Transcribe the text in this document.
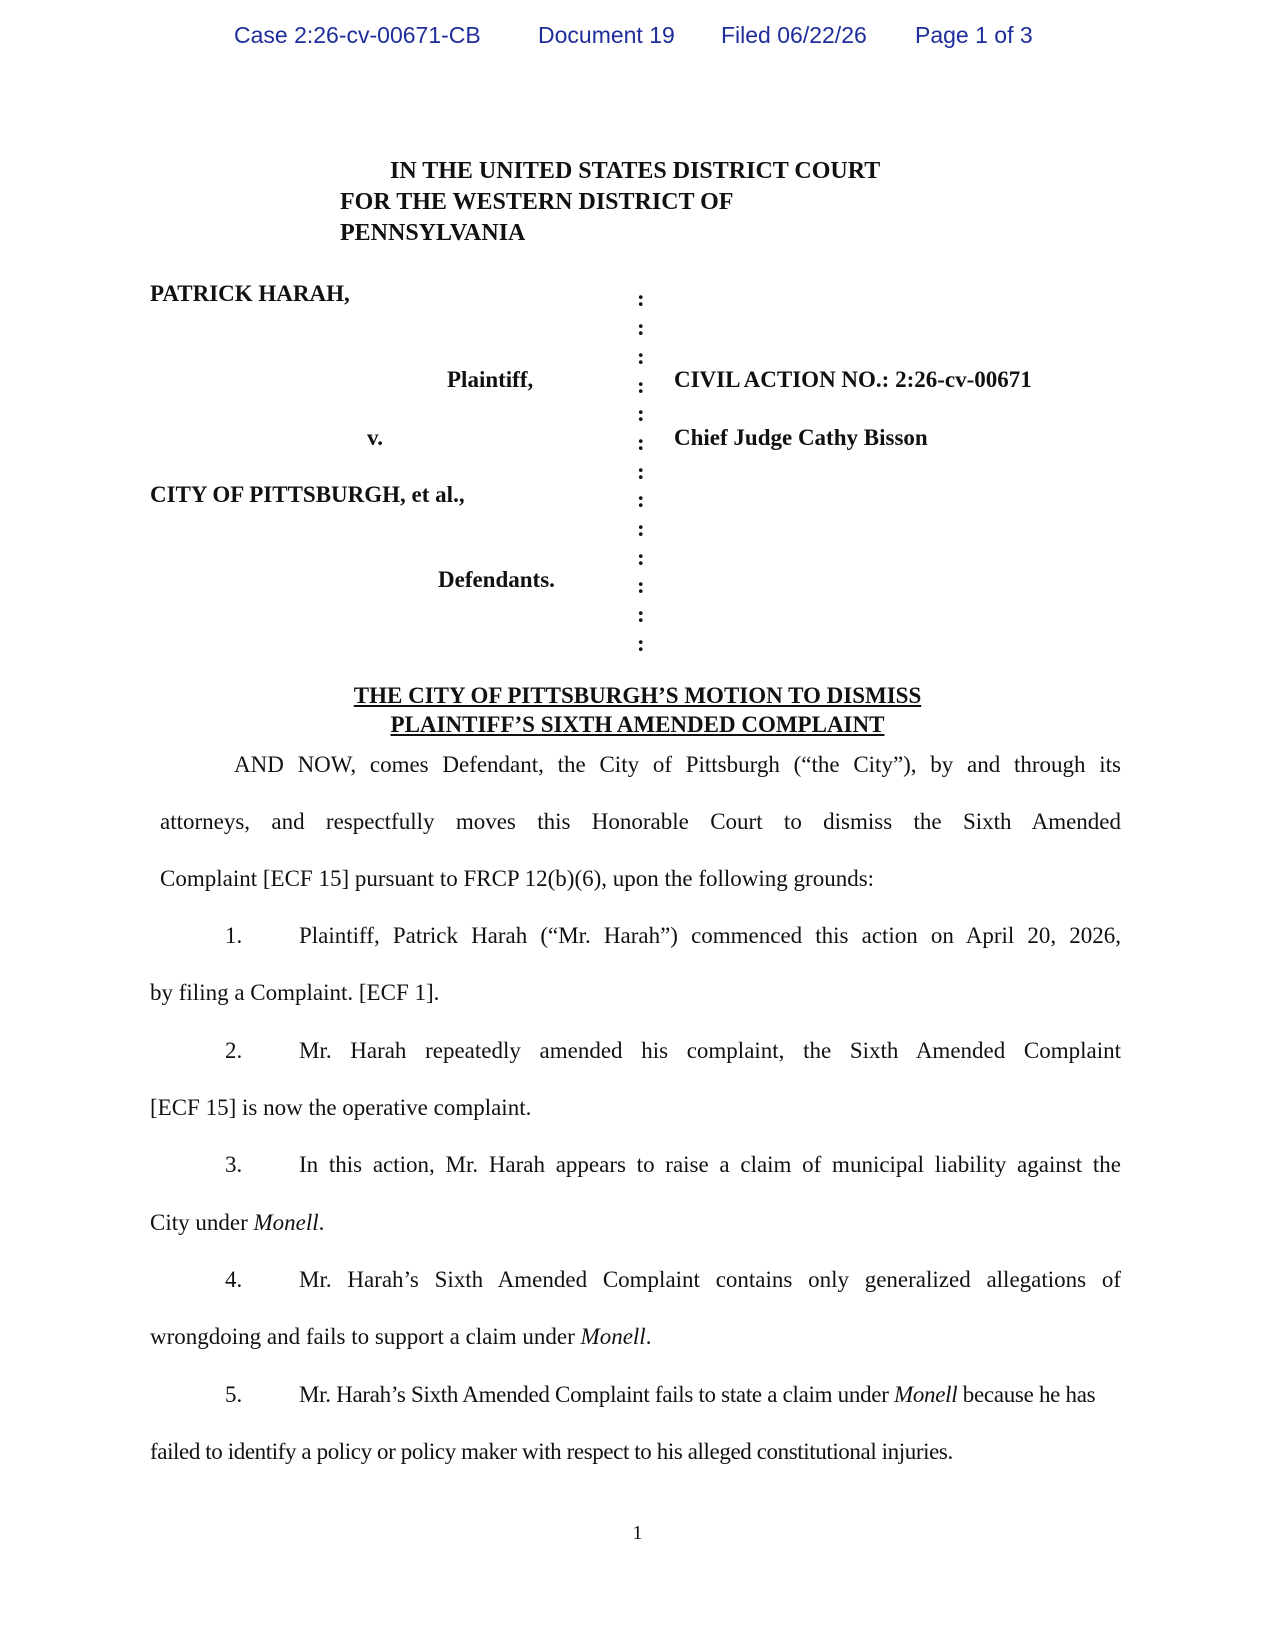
Case 2:26-cv-00671-CB Document 19 Filed 06/22/26 Page 1 of 3
IN THE UNITED STATES DISTRICT COURT
FOR THE WESTERN DISTRICT OF
PENNSYLVANIA
PATRICK HARAH,
Plaintiff,
v.
CITY OF PITTSBURGH, et al.,
Defendants.
:
:
:
:
:
:
:
:
:
:
:
:
:
CIVIL ACTION NO.: 2:26-cv-00671
Chief Judge Cathy Bisson
THE CITY OF PITTSBURGH’S MOTION TO DISMISS
PLAINTIFF’S SIXTH AMENDED COMPLAINT
AND NOW, comes Defendant, the City of Pittsburgh (“the City”), by and through its
attorneys, and respectfully moves this Honorable Court to dismiss the Sixth Amended
Complaint [ECF 15] pursuant to FRCP 12(b)(6), upon the following grounds:
1. Plaintiff, Patrick Harah (“Mr. Harah”) commenced this action on April 20, 2026,
by filing a Complaint. [ECF 1].
2. Mr. Harah repeatedly amended his complaint, the Sixth Amended Complaint
[ECF 15] is now the operative complaint.
3. In this action, Mr. Harah appears to raise a claim of municipal liability against the
City under Monell.
4. Mr. Harah’s Sixth Amended Complaint contains only generalized allegations of
wrongdoing and fails to support a claim under Monell.
5. Mr. Harah’s Sixth Amended Complaint fails to state a claim under Monell because he has
failed to identify a policy or policy maker with respect to his alleged constitutional injuries.
1
